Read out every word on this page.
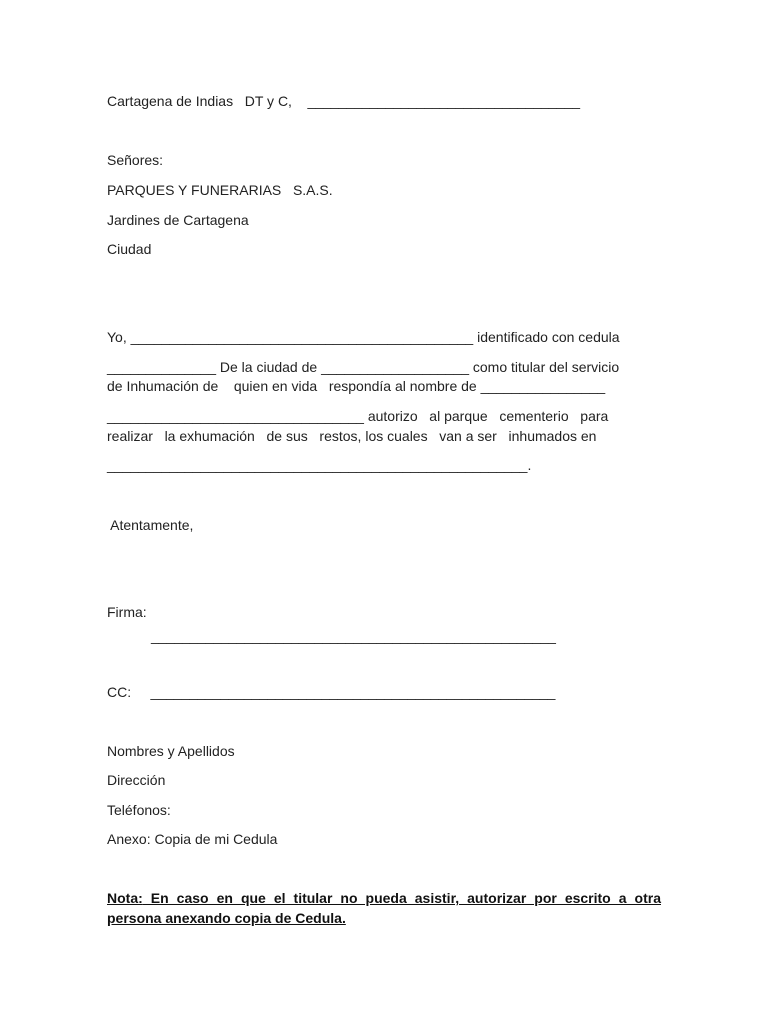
Cartagena de Indias   DT y C,    ___________________________________
Señores:
PARQUES Y FUNERARIAS   S.A.S.
Jardines de Cartagena
Ciudad
Yo, ____________________________________________ identificado con cedula
______________ De la ciudad de ___________________ como titular del servicio
de Inhumación de    quien en vida   respondía al nombre de ________________
_________________________________ autorizo   al parque   cementerio   para
realizar   la exhumación   de sus   restos, los cuales   van a ser   inhumados en
______________________________________________________.
Atentamente,
Firma:
____________________________________________________
CC:     ____________________________________________________
Nombres y Apellidos
Dirección
Teléfonos:
Anexo: Copia de mi Cedula
Nota: En caso en que el titular no pueda asistir, autorizar por escrito a otra persona anexando copia de Cedula.
